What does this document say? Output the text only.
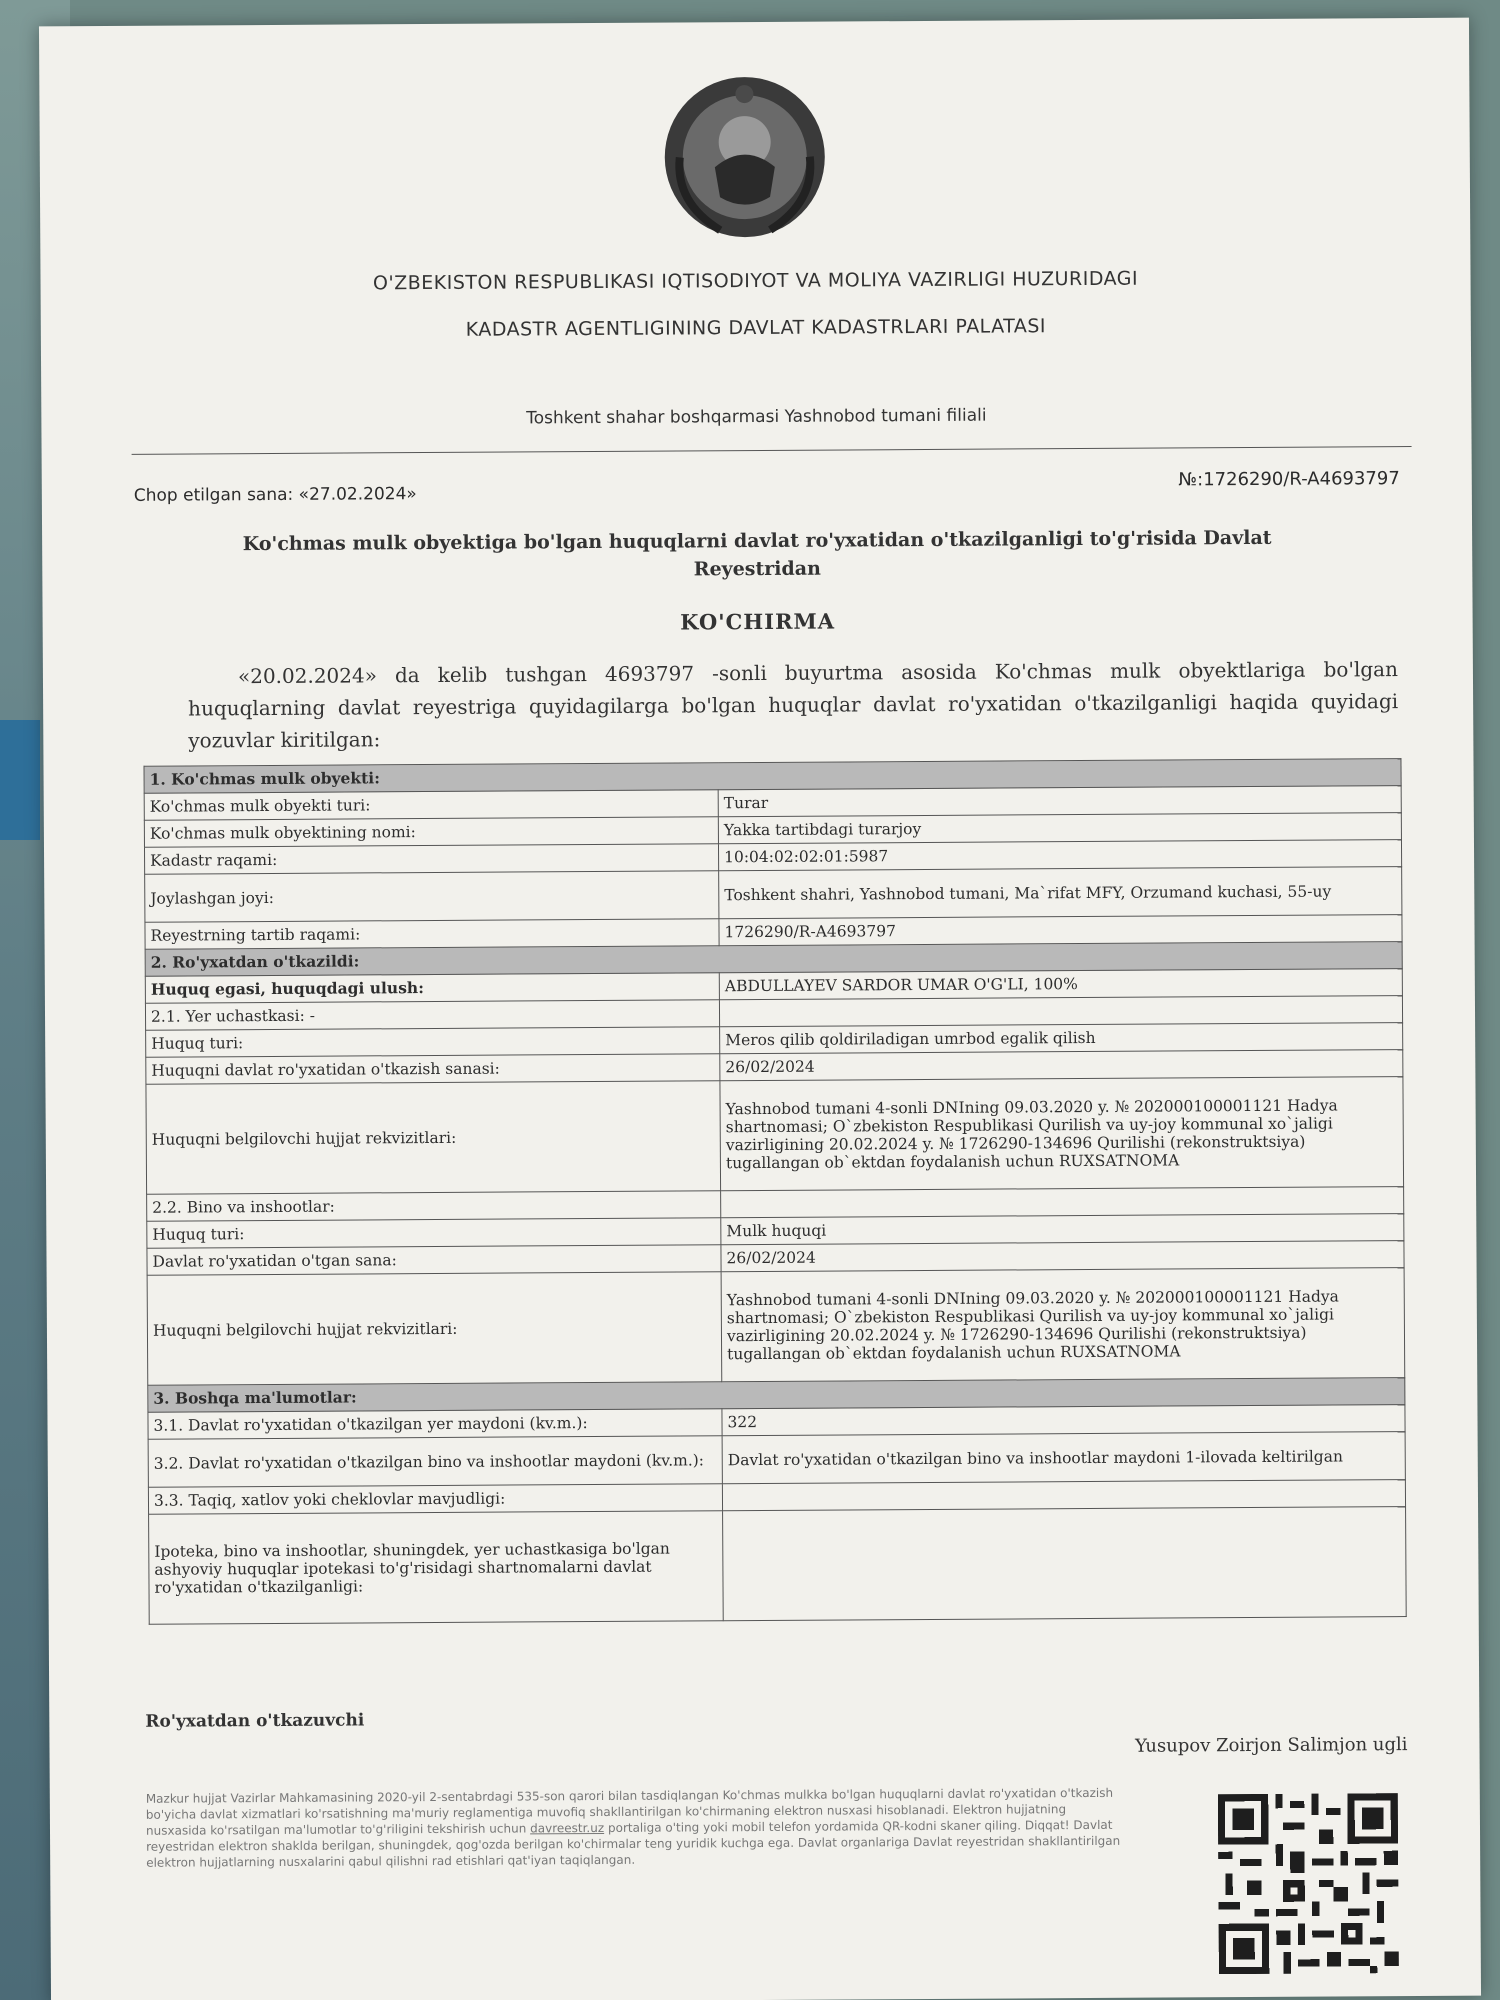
O'ZBEKISTON RESPUBLIKASI IQTISODIYOT VA MOLIYA VAZIRLIGI HUZURIDAGI
KADASTR AGENTLIGINING DAVLAT KADASTRLARI PALATASI
Toshkent shahar boshqarmasi Yashnobod tumani filiali
Chop etilgan sana: «27.02.2024»
№:1726290/R-A4693797
Ko'chmas mulk obyektiga bo'lgan huquqlarni davlat ro'yxatidan o'tkazilganligi to'g'risida Davlat Reyestridan
KO'CHIRMA
«20.02.2024» da kelib tushgan 4693797 -sonli buyurtma asosida Ko'chmas mulk obyektlariga bo'lgan huquqlarning davlat reyestriga quyidagilarga bo'lgan huquqlar davlat ro'yxatidan o'tkazilganligi haqida quyidagi yozuvlar kiritilgan:
1. Ko'chmas mulk obyekti:	
Ko'chmas mulk obyekti turi:	Turar
Ko'chmas mulk obyektining nomi:	Yakka tartibdagi turarjoy
Kadastr raqami:	10:04:02:02:01:5987
Joylashgan joyi:	Toshkent shahri, Yashnobod tumani, Ma`rifat MFY, Orzumand kuchasi, 55-uy
Reyestrning tartib raqami:	1726290/R-A4693797
2. Ro'yxatdan o'tkazildi:	
Huquq egasi, huquqdagi ulush:	ABDULLAYEV SARDOR UMAR O'G'LI, 100%
2.1. Yer uchastkasi: -	
Huquq turi:	Meros qilib qoldiriladigan umrbod egalik qilish
Huquqni davlat ro'yxatidan o'tkazish sanasi:	26/02/2024
Huquqni belgilovchi hujjat rekvizitlari:	Yashnobod tumani 4-sonli DNIning 09.03.2020 y. № 202000100001121 Hadya shartnomasi; O`zbekiston Respublikasi Qurilish va uy-joy kommunal xo`jaligi vazirligining 20.02.2024 y. № 1726290-134696 Qurilishi (rekonstruktsiya) tugallangan ob`ektdan foydalanish uchun RUXSATNOMA
2.2. Bino va inshootlar:	
Huquq turi:	Mulk huquqi
Davlat ro'yxatidan o'tgan sana:	26/02/2024
Huquqni belgilovchi hujjat rekvizitlari:	Yashnobod tumani 4-sonli DNIning 09.03.2020 y. № 202000100001121 Hadya shartnomasi; O`zbekiston Respublikasi Qurilish va uy-joy kommunal xo`jaligi vazirligining 20.02.2024 y. № 1726290-134696 Qurilishi (rekonstruktsiya) tugallangan ob`ektdan foydalanish uchun RUXSATNOMA
3. Boshqa ma'lumotlar:	
3.1. Davlat ro'yxatidan o'tkazilgan yer maydoni (kv.m.):	322
3.2. Davlat ro'yxatidan o'tkazilgan bino va inshootlar maydoni (kv.m.):	Davlat ro'yxatidan o'tkazilgan bino va inshootlar maydoni 1-ilovada keltirilgan
3.3. Taqiq, xatlov yoki cheklovlar mavjudligi:	
Ipoteka, bino va inshootlar, shuningdek, yer uchastkasiga bo'lgan ashyoviy huquqlar ipotekasi to'g'risidagi shartnomalarni davlat ro'yxatidan o'tkazilganligi:	
Ro'yxatdan o'tkazuvchi
Yusupov Zoirjon Salimjon ugli
Mazkur hujjat Vazirlar Mahkamasining 2020-yil 2-sentabrdagi 535-son qarori bilan tasdiqlangan Ko'chmas mulkka bo'lgan huquqlarni davlat ro'yxatidan o'tkazish bo'yicha davlat xizmatlari ko'rsatishning ma'muriy reglamentiga muvofiq shakllantirilgan ko'chirmaning elektron nusxasi hisoblanadi. Elektron hujjatning nusxasida ko'rsatilgan ma'lumotlar to'g'riligini tekshirish uchun davreestr.uz portaliga o'ting yoki mobil telefon yordamida QR-kodni skaner qiling. Diqqat! Davlat reyestridan elektron shaklda berilgan, shuningdek, qog'ozda berilgan ko'chirmalar teng yuridik kuchga ega. Davlat organlariga Davlat reyestridan shakllantirilgan elektron hujjatlarning nusxalarini qabul qilishni rad etishlari qat'iyan taqiqlangan.
